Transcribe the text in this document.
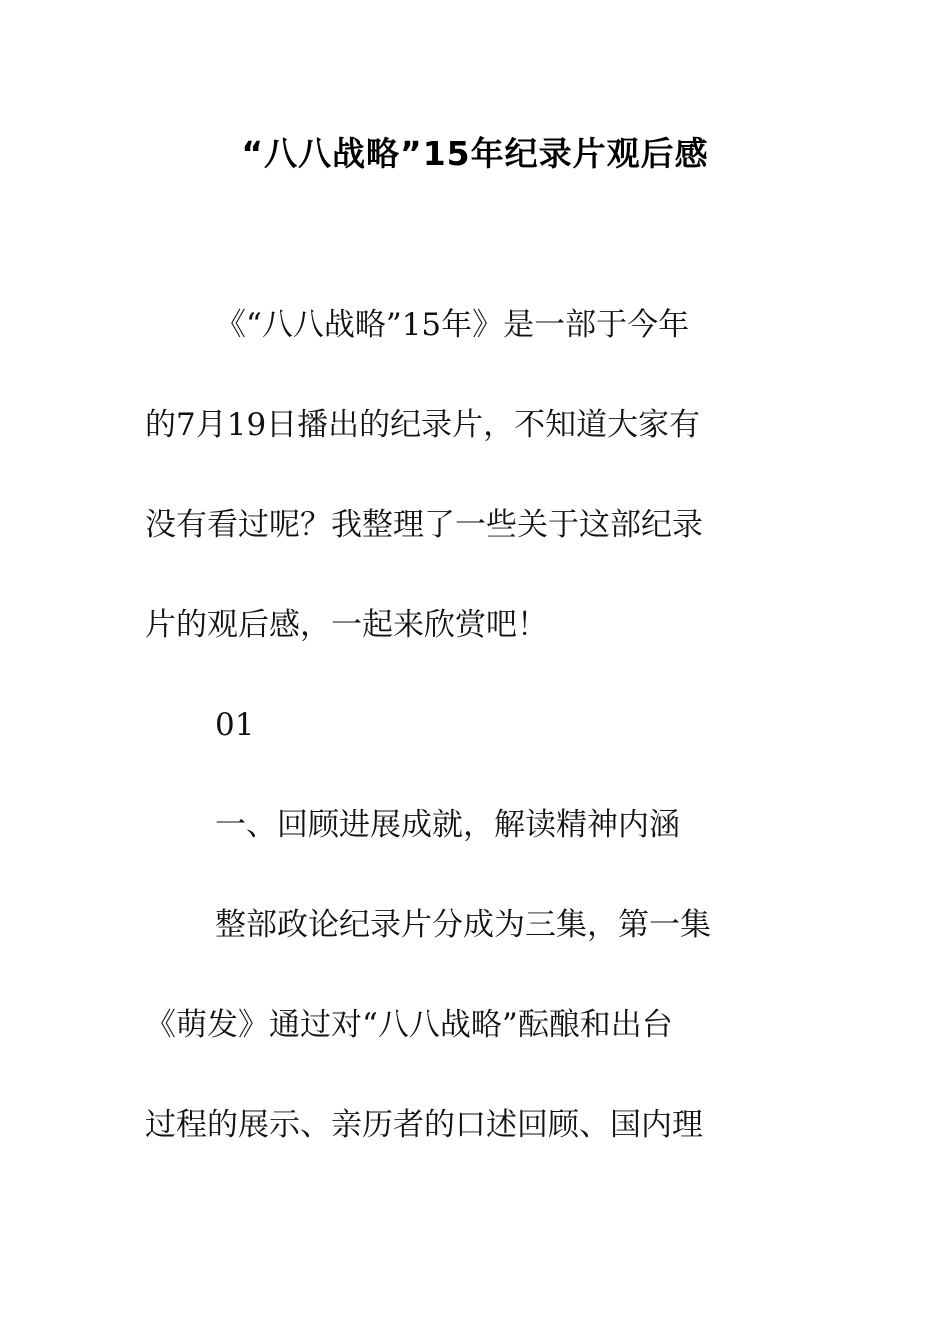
“八八战略”15年纪录片观后感
《“八八战略”15年》是一部于今年
的7月19日播出的纪录片，不知道大家有
没有看过呢？我整理了一些关于这部纪录
片的观后感，一起来欣赏吧！
01
一、回顾进展成就，解读精神内涵
整部政论纪录片分成为三集，第一集
《萌发》通过对“八八战略”酝酿和出台
过程的展示、亲历者的口述回顾、国内理
